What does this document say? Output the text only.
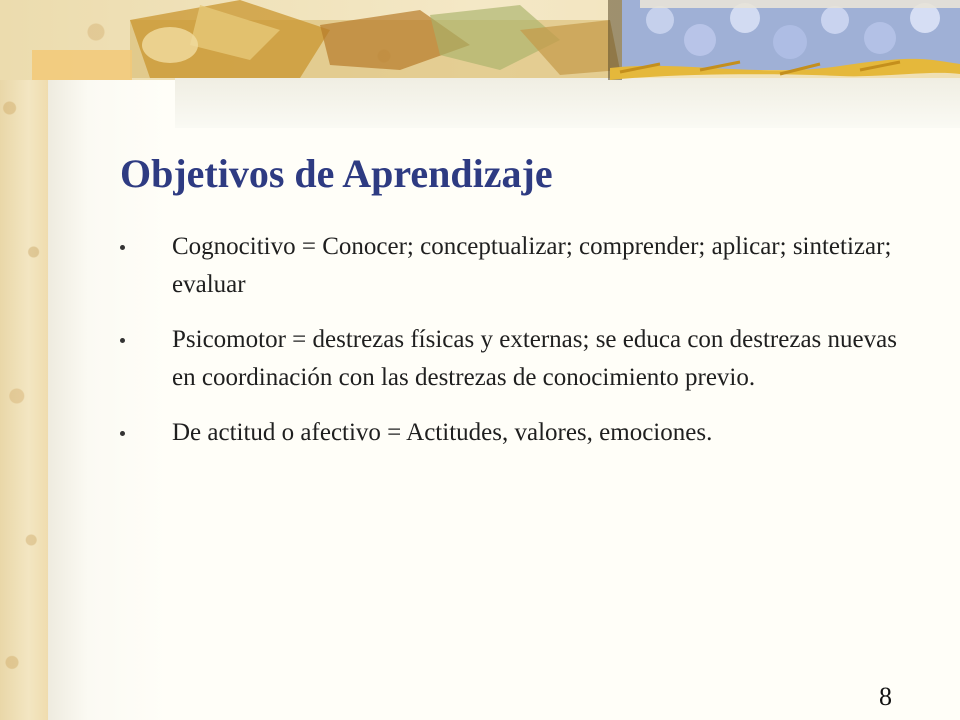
Objetivos de Aprendizaje
Cognocitivo = Conocer; conceptualizar; comprender; aplicar; sintetizar; evaluar
Psicomotor = destrezas físicas y externas; se educa con destrezas nuevas en coordinación con las destrezas de conocimiento previo.
De actitud o afectivo = Actitudes, valores, emociones.
8
